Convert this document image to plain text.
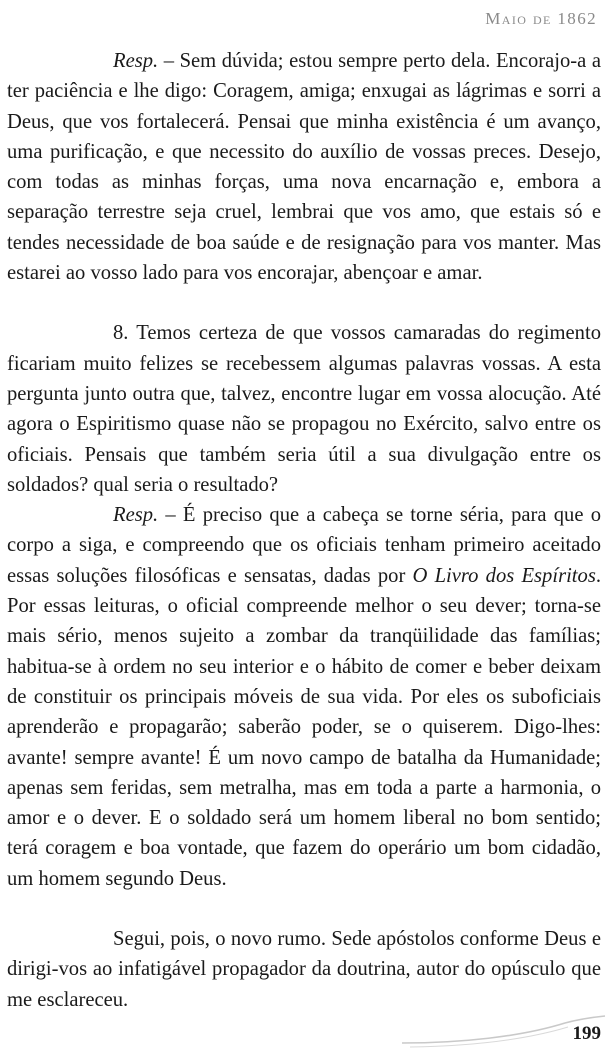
Maio de 1862

Resp. – Sem dúvida; estou sempre perto dela. Encorajo-a a ter paciência e lhe digo: Coragem, amiga; enxugai as lágrimas e sorri a Deus, que vos fortalecerá. Pensai que minha existência é um avanço, uma purificação, e que necessito do auxílio de vossas preces. Desejo, com todas as minhas forças, uma nova encarnação e, embora a separação terrestre seja cruel, lembrai que vos amo, que estais só e tendes necessidade de boa saúde e de resignação para vos manter. Mas estarei ao vosso lado para vos encorajar, abençoar e amar.

8. Temos certeza de que vossos camaradas do regimento ficariam muito felizes se recebessem algumas palavras vossas. A esta pergunta junto outra que, talvez, encontre lugar em vossa alocução. Até agora o Espiritismo quase não se propagou no Exército, salvo entre os oficiais. Pensais que também seria útil a sua divulgação entre os soldados? qual seria o resultado?

Resp. – É preciso que a cabeça se torne séria, para que o corpo a siga, e compreendo que os oficiais tenham primeiro aceitado essas soluções filosóficas e sensatas, dadas por O Livro dos Espíritos. Por essas leituras, o oficial compreende melhor o seu dever; torna-se mais sério, menos sujeito a zombar da tranqüilidade das famílias; habitua-se à ordem no seu interior e o hábito de comer e beber deixam de constituir os principais móveis de sua vida. Por eles os suboficiais aprenderão e propagarão; saberão poder, se o quiserem. Digo-lhes: avante! sempre avante! É um novo campo de batalha da Humanidade; apenas sem feridas, sem metralha, mas em toda a parte a harmonia, o amor e o dever. E o soldado será um homem liberal no bom sentido; terá coragem e boa vontade, que fazem do operário um bom cidadão, um homem segundo Deus.

Segui, pois, o novo rumo. Sede apóstolos conforme Deus e dirigi-vos ao infatigável propagador da doutrina, autor do opúsculo que me esclareceu.

199
